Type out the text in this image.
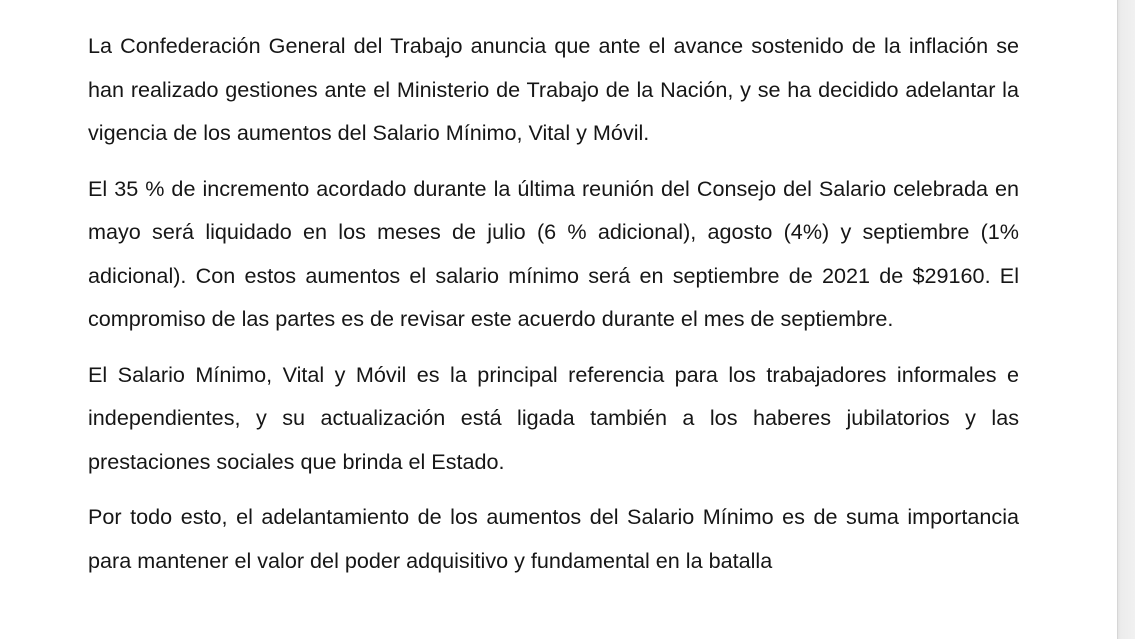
La Confederación General del Trabajo anuncia que ante el avance sostenido de la inflación se han realizado gestiones ante el Ministerio de Trabajo de la Nación, y se ha decidido adelantar la vigencia de los aumentos del Salario Mínimo, Vital y Móvil.

El 35 % de incremento acordado durante la última reunión del Consejo del Salario celebrada en mayo será liquidado en los meses de julio (6 % adicional), agosto (4%) y septiembre (1% adicional). Con estos aumentos el salario mínimo será en septiembre de 2021 de $29160. El compromiso de las partes es de revisar este acuerdo durante el mes de septiembre.

El Salario Mínimo, Vital y Móvil es la principal referencia para los trabajadores informales e independientes, y su actualización está ligada también a los haberes jubilatorios y las prestaciones sociales que brinda el Estado.

Por todo esto, el adelantamiento de los aumentos del Salario Mínimo es de suma importancia para mantener el valor del poder adquisitivo y fundamental en la batalla
